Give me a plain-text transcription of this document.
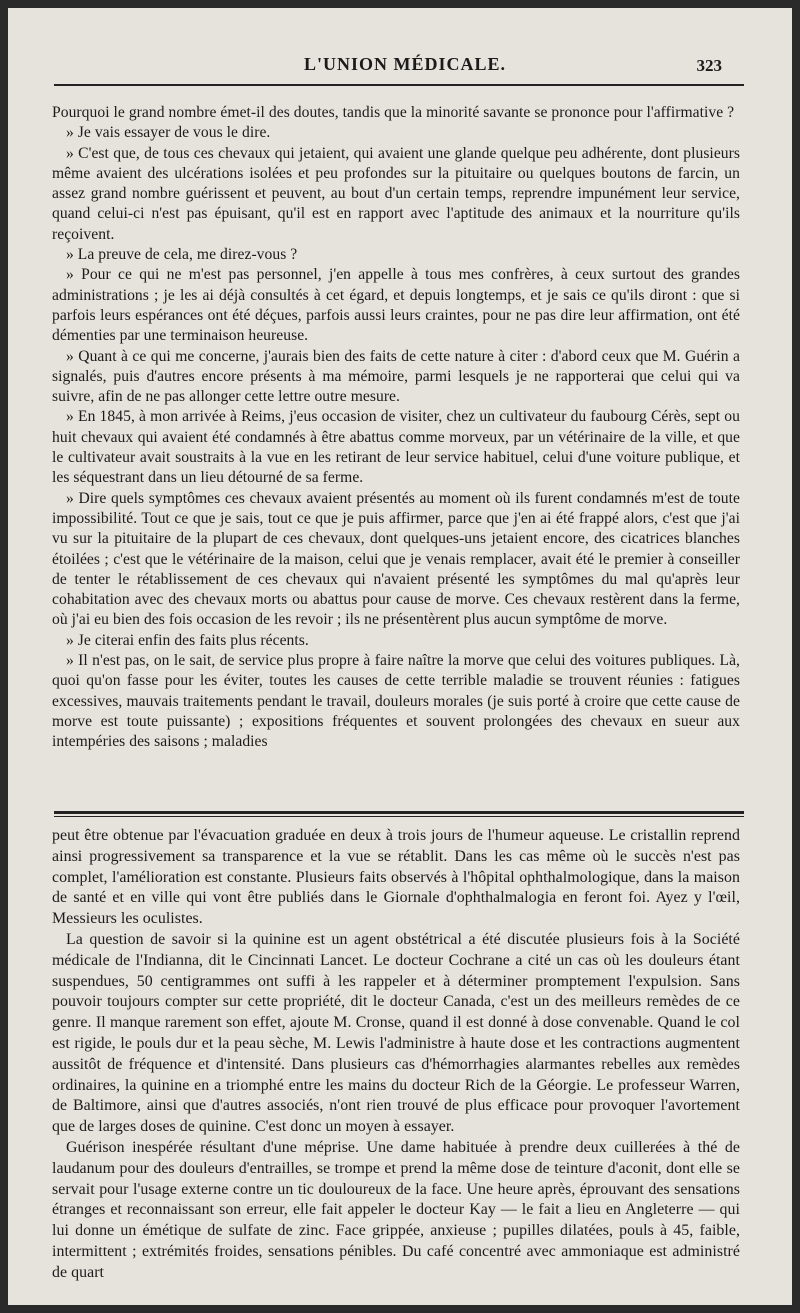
L'UNION MÉDICALE.	323

Pourquoi le grand nombre émet-il des doutes, tandis que la minorité savante se prononce pour l'affirmative ?

» Je vais essayer de vous le dire.

» C'est que, de tous ces chevaux qui jetaient, qui avaient une glande quelque peu adhérente, dont plusieurs même avaient des ulcérations isolées et peu profondes sur la pituitaire ou quelques boutons de farcin, un assez grand nombre guérissent et peuvent, au bout d'un certain temps, reprendre impunément leur service, quand celui-ci n'est pas épuisant, qu'il est en rapport avec l'aptitude des animaux et la nourriture qu'ils reçoivent.

» La preuve de cela, me direz-vous ?

» Pour ce qui ne m'est pas personnel, j'en appelle à tous mes confrères, à ceux surtout des grandes administrations ; je les ai déjà consultés à cet égard, et depuis longtemps, et je sais ce qu'ils diront : que si parfois leurs espérances ont été déçues, parfois aussi leurs craintes, pour ne pas dire leur affirmation, ont été démenties par une terminaison heureuse.

» Quant à ce qui me concerne, j'aurais bien des faits de cette nature à citer : d'abord ceux que M. Guérin a signalés, puis d'autres encore présents à ma mémoire, parmi lesquels je ne rapporterai que celui qui va suivre, afin de ne pas allonger cette lettre outre mesure.

» En 1845, à mon arrivée à Reims, j'eus occasion de visiter, chez un cultivateur du faubourg Cérès, sept ou huit chevaux qui avaient été condamnés à être abattus comme morveux, par un vétérinaire de la ville, et que le cultivateur avait soustraits à la vue en les retirant de leur service habituel, celui d'une voiture publique, et les séquestrant dans un lieu détourné de sa ferme.

» Dire quels symptômes ces chevaux avaient présentés au moment où ils furent condamnés m'est de toute impossibilité. Tout ce que je sais, tout ce que je puis affirmer, parce que j'en ai été frappé alors, c'est que j'ai vu sur la pituitaire de la plupart de ces chevaux, dont quelques-uns jetaient encore, des cicatrices blanches étoilées ; c'est que le vétérinaire de la maison, celui que je venais remplacer, avait été le premier à conseiller de tenter le rétablissement de ces chevaux qui n'avaient présenté les symptômes du mal qu'après leur cohabitation avec des chevaux morts ou abattus pour cause de morve. Ces chevaux restèrent dans la ferme, où j'ai eu bien des fois occasion de les revoir ; ils ne présentèrent plus aucun symptôme de morve.

» Je citerai enfin des faits plus récents.

» Il n'est pas, on le sait, de service plus propre à faire naître la morve que celui des voitures publiques. Là, quoi qu'on fasse pour les éviter, toutes les causes de cette terrible maladie se trouvent réunies : fatigues excessives, mauvais traitements pendant le travail, douleurs morales (je suis porté à croire que cette cause de morve est toute puissante) ; expositions fréquentes et souvent prolongées des chevaux en sueur aux intempéries des saisons ; maladies

peut être obtenue par l'évacuation graduée en deux à trois jours de l'humeur aqueuse. Le cristallin reprend ainsi progressivement sa transparence et la vue se rétablit. Dans les cas même où le succès n'est pas complet, l'amélioration est constante. Plusieurs faits observés à l'hôpital ophthalmologique, dans la maison de santé et en ville qui vont être publiés dans le Giornale d'ophthalmalogia en feront foi. Ayez y l'œil, Messieurs les oculistes.

La question de savoir si la quinine est un agent obstétrical a été discutée plusieurs fois à la Société médicale de l'Indianna, dit le Cincinnati Lancet. Le docteur Cochrane a cité un cas où les douleurs étant suspendues, 50 centigrammes ont suffi à les rappeler et à déterminer promptement l'expulsion. Sans pouvoir toujours compter sur cette propriété, dit le docteur Canada, c'est un des meilleurs remèdes de ce genre. Il manque rarement son effet, ajoute M. Cronse, quand il est donné à dose convenable. Quand le col est rigide, le pouls dur et la peau sèche, M. Lewis l'administre à haute dose et les contractions augmentent aussitôt de fréquence et d'intensité. Dans plusieurs cas d'hémorrhagies alarmantes rebelles aux remèdes ordinaires, la quinine en a triomphé entre les mains du docteur Rich de la Géorgie. Le professeur Warren, de Baltimore, ainsi que d'autres associés, n'ont rien trouvé de plus efficace pour provoquer l'avortement que de larges doses de quinine. C'est donc un moyen à essayer.

Guérison inespérée résultant d'une méprise. Une dame habituée à prendre deux cuillerées à thé de laudanum pour des douleurs d'entrailles, se trompe et prend la même dose de teinture d'aconit, dont elle se servait pour l'usage externe contre un tic douloureux de la face. Une heure après, éprouvant des sensations étranges et reconnaissant son erreur, elle fait appeler le docteur Kay — le fait a lieu en Angleterre — qui lui donne un émétique de sulfate de zinc. Face grippée, anxieuse ; pupilles dilatées, pouls à 45, faible, intermittent ; extrémités froides, sensations pénibles. Du café concentré avec ammoniaque est administré de quart
